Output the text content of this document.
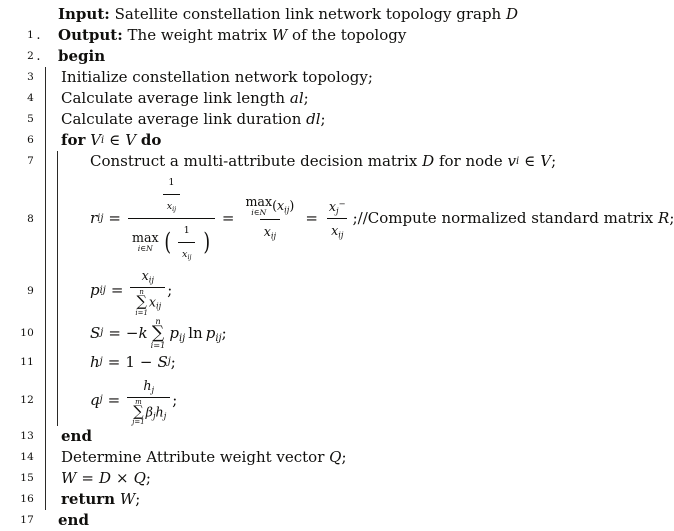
Input: Satellite constellation link network topology graph D
1 .	Output: The weight matrix W of the topology
2 .	begin
3	Initialize constellation network topology;
4	Calculate average link length al;
5	Calculate average link duration dl;
6	for V i ∈ V do
7	Construct a multi-attribute decision matrix D for node v i ∈ V ;
8	r ij =
$\frac{1}{x_{ij}}$
max
i∈N ( $\frac{1}{x_{ij}}$ )
= max
i∈N $(x_{ij})$
$x_{ij} = \frac{x_j^-}{x_{ij}}$ ;//Compute normalized standard matrix R;
9	p ij = $x_{ij}$
n
∑
i=1
$x_{ij}$ ;
10	S j = − k
n
∑
i=1
$p_{ij}$ $\ln p_{ij}$ ;
11	h j = 1 − S j ;
12	q $j = h_j$
m
∑
j=1
$\beta_jh_j$ ;
13	end
14	Determine Attribute weight vector Q;
15 W = D × Q ;
16	return W;
17	end
